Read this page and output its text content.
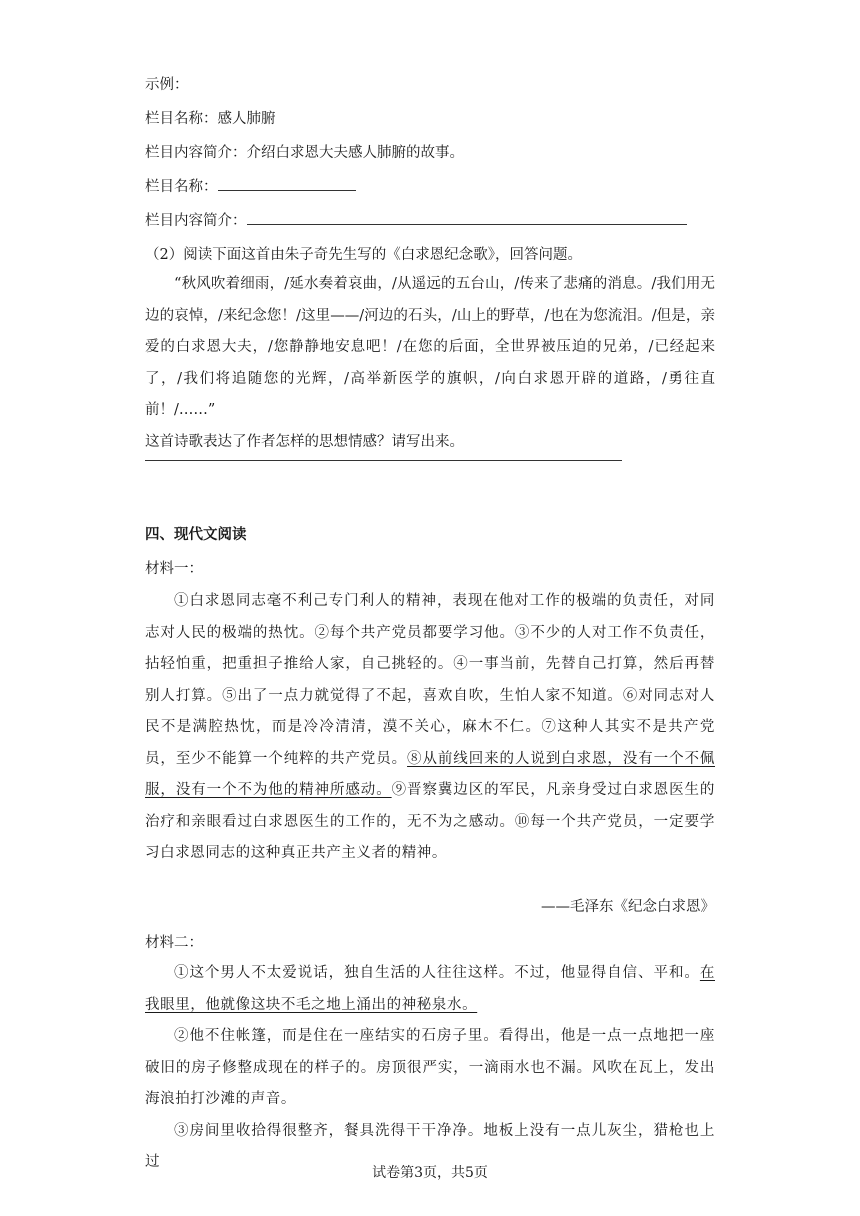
示例：
栏目名称：感人肺腑
栏目内容简介：介绍白求恩大夫感人肺腑的故事。
栏目名称：
栏目内容简介：
（2）阅读下面这首由朱子奇先生写的《白求恩纪念歌》，回答问题。

“秋风吹着细雨，/延水奏着哀曲，/从遥远的五台山，/传来了悲痛的消息。/我们用无边的哀悼，/来纪念您！/这里——/河边的石头，/山上的野草，/也在为您流泪。/但是，亲爱的白求恩大夫，/您静静地安息吧！/在您的后面，全世界被压迫的兄弟，/已经起来了，/我们将追随您的光辉，/高举新医学的旗帜，/向白求恩开辟的道路，/勇往直前！/……”

这首诗歌表达了作者怎样的思想情感？请写出来。

四、现代文阅读
材料一：

①白求恩同志毫不利己专门利人的精神，表现在他对工作的极端的负责任，对同志对人民的极端的热忱。②每个共产党员都要学习他。③不少的人对工作不负责任，拈轻怕重，把重担子推给人家，自己挑轻的。④一事当前，先替自己打算，然后再替别人打算。⑤出了一点力就觉得了不起，喜欢自吹，生怕人家不知道。⑥对同志对人民不是满腔热忱，而是冷冷清清，漠不关心，麻木不仁。⑦这种人其实不是共产党员，至少不能算一个纯粹的共产党员。⑧从前线回来的人说到白求恩，没有一个不佩服，没有一个不为他的精神所感动。⑨晋察冀边区的军民，凡亲身受过白求恩医生的治疗和亲眼看过白求恩医生的工作的，无不为之感动。⑩每一个共产党员，一定要学习白求恩同志的这种真正共产主义者的精神。

——毛泽东《纪念白求恩》
材料二：

①这个男人不太爱说话，独自生活的人往往这样。不过，他显得自信、平和。在我眼里，他就像这块不毛之地上涌出的神秘泉水。

②他不住帐篷，而是住在一座结实的石房子里。看得出，他是一点一点地把一座破旧的房子修整成现在的样子的。房顶很严实，一滴雨水也不漏。风吹在瓦上，发出海浪拍打沙滩的声音。

③房间里收拾得很整齐，餐具洗得干干净净。地板上没有一点儿灰尘，猎枪也上过

试卷第3页，共5页
